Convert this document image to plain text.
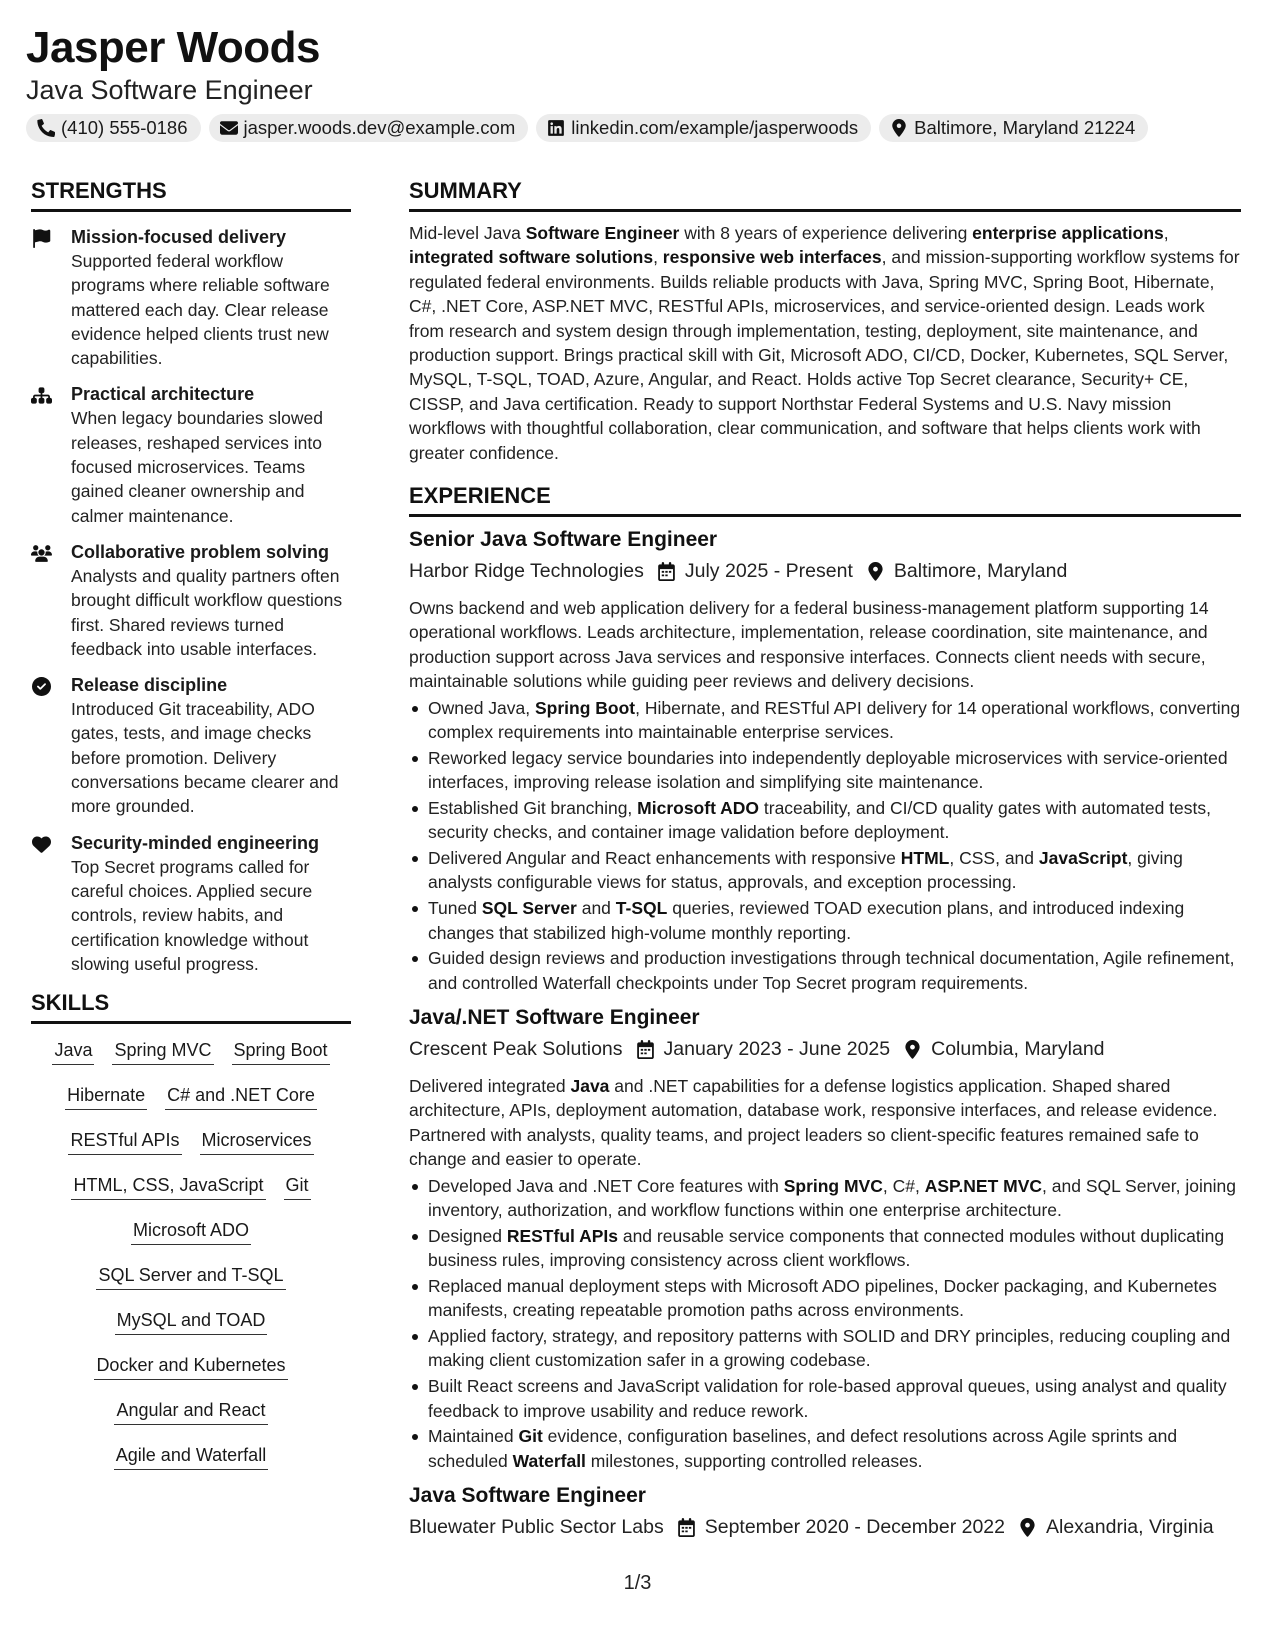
Jasper Woods
Java Software Engineer
(410) 555-0186	jasper.woods.dev@example.com	linkedin.com/example/jasperwoods	Baltimore, Maryland 21224
STRENGTHS
Mission-focused delivery
Supported federal workflow programs where reliable software mattered each day. Clear release evidence helped clients trust new capabilities.
Practical architecture
When legacy boundaries slowed releases, reshaped services into focused microservices. Teams gained cleaner ownership and calmer maintenance.
Collaborative problem solving
Analysts and quality partners often brought difficult workflow questions first. Shared reviews turned feedback into usable interfaces.
Release discipline
Introduced Git traceability, ADO gates, tests, and image checks before promotion. Delivery conversations became clearer and more grounded.
Security-minded engineering
Top Secret programs called for careful choices. Applied secure controls, review habits, and certification knowledge without slowing useful progress.
SKILLS
Java Spring MVC Spring Boot
Hibernate C# and .NET Core
RESTful APIs Microservices
HTML, CSS, JavaScript Git
Microsoft ADO
SQL Server and T-SQL
MySQL and TOAD
Docker and Kubernetes
Angular and React
Agile and Waterfall
SUMMARY

Mid-level Java Software Engineer with 8 years of experience delivering enterprise applications, integrated software solutions, responsive web interfaces, and mission-supporting workflow systems for regulated federal environments. Builds reliable products with Java, Spring MVC, Spring Boot, Hibernate, C#, .NET Core, ASP.NET MVC, RESTful APIs, microservices, and service-oriented design. Leads work from research and system design through implementation, testing, deployment, site maintenance, and production support. Brings practical skill with Git, Microsoft ADO, CI/CD, Docker, Kubernetes, SQL Server, MySQL, T-SQL, TOAD, Azure, Angular, and React. Holds active Top Secret clearance, Security+ CE, CISSP, and Java certification. Ready to support Northstar Federal Systems and U.S. Navy mission workflows with thoughtful collaboration, clear communication, and software that helps clients work with greater confidence.

EXPERIENCE
Senior Java Software Engineer
Harbor Ridge Technologies July 2025 - Present Baltimore, Maryland

Owns backend and web application delivery for a federal business-management platform supporting 14 operational workflows. Leads architecture, implementation, release coordination, site maintenance, and production support across Java services and responsive interfaces. Connects client needs with secure, maintainable solutions while guiding peer reviews and delivery decisions.

Owned Java, Spring Boot, Hibernate, and RESTful API delivery for 14 operational workflows, converting complex requirements into maintainable enterprise services.
Reworked legacy service boundaries into independently deployable microservices with service-oriented interfaces, improving release isolation and simplifying site maintenance.
Established Git branching, Microsoft ADO traceability, and CI/CD quality gates with automated tests, security checks, and container image validation before deployment.
Delivered Angular and React enhancements with responsive HTML, CSS, and JavaScript, giving analysts configurable views for status, approvals, and exception processing.
Tuned SQL Server and T-SQL queries, reviewed TOAD execution plans, and introduced indexing changes that stabilized high-volume monthly reporting.
Guided design reviews and production investigations through technical documentation, Agile refinement, and controlled Waterfall checkpoints under Top Secret program requirements.
Java/.NET Software Engineer
Crescent Peak Solutions January 2023 - June 2025 Columbia, Maryland

Delivered integrated Java and .NET capabilities for a defense logistics application. Shaped shared architecture, APIs, deployment automation, database work, responsive interfaces, and release evidence. Partnered with analysts, quality teams, and project leaders so client-specific features remained safe to change and easier to operate.

Developed Java and .NET Core features with Spring MVC, C#, ASP.NET MVC, and SQL Server, joining inventory, authorization, and workflow functions within one enterprise architecture.
Designed RESTful APIs and reusable service components that connected modules without duplicating business rules, improving consistency across client workflows.
Replaced manual deployment steps with Microsoft ADO pipelines, Docker packaging, and Kubernetes manifests, creating repeatable promotion paths across environments.
Applied factory, strategy, and repository patterns with SOLID and DRY principles, reducing coupling and making client customization safer in a growing codebase.
Built React screens and JavaScript validation for role-based approval queues, using analyst and quality feedback to improve usability and reduce rework.
Maintained Git evidence, configuration baselines, and defect resolutions across Agile sprints and scheduled Waterfall milestones, supporting controlled releases.
Java Software Engineer
Bluewater Public Sector Labs September 2020 - December 2022 Alexandria, Virginia
1/3
